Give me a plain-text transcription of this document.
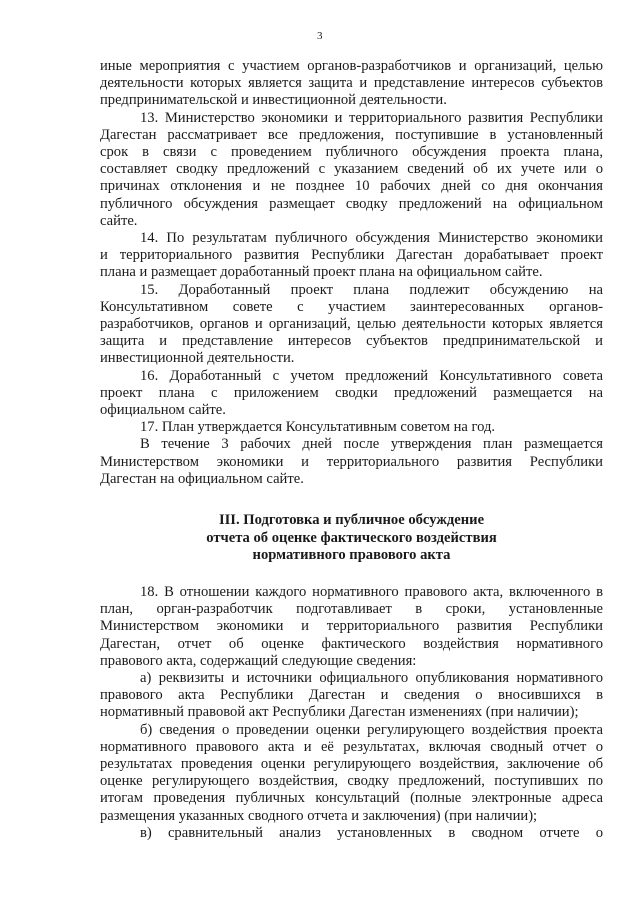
3
иные мероприятия с участием органов-разработчиков и организаций, целью
деятельности которых является защита и представление интересов субъектов
предпринимательской и инвестиционной деятельности.
13. Министерство экономики и территориального развития Республики
Дагестан рассматривает все предложения, поступившие в установленный
срок в связи с проведением публичного обсуждения проекта плана,
составляет сводку предложений с указанием сведений об их учете или о
причинах отклонения и не позднее 10 рабочих дней со дня окончания
публичного обсуждения размещает сводку предложений на официальном
сайте.
14. По результатам публичного обсуждения Министерство экономики
и территориального развития Республики Дагестан дорабатывает проект
плана и размещает доработанный проект плана на официальном сайте.
15. Доработанный проект плана подлежит обсуждению на
Консультативном совете с участием заинтересованных органов-
разработчиков, органов и организаций, целью деятельности которых является
защита и представление интересов субъектов предпринимательской и
инвестиционной деятельности.
16. Доработанный с учетом предложений Консультативного совета
проект плана с приложением сводки предложений размещается на
официальном сайте.
17. План утверждается Консультативным советом на год.
В течение 3 рабочих дней после утверждения план размещается
Министерством экономики и территориального развития Республики
Дагестан на официальном сайте.
III. Подготовка и публичное обсуждение
отчета об оценке фактического воздействия
нормативного правового акта
18. В отношении каждого нормативного правового акта, включенного в
план, орган-разработчик подготавливает в сроки, установленные
Министерством экономики и территориального развития Республики
Дагестан, отчет об оценке фактического воздействия нормативного
правового акта, содержащий следующие сведения:
а) реквизиты и источники официального опубликования нормативного
правового акта Республики Дагестан и сведения о вносившихся в
нормативный правовой акт Республики Дагестан изменениях (при наличии);
б) сведения о проведении оценки регулирующего воздействия проекта
нормативного правового акта и её результатах, включая сводный отчет о
результатах проведения оценки регулирующего воздействия, заключение об
оценке регулирующего воздействия, сводку предложений, поступивших по
итогам проведения публичных консультаций (полные электронные адреса
размещения указанных сводного отчета и заключения) (при наличии);
в) сравнительный анализ установленных в сводном отчете о
